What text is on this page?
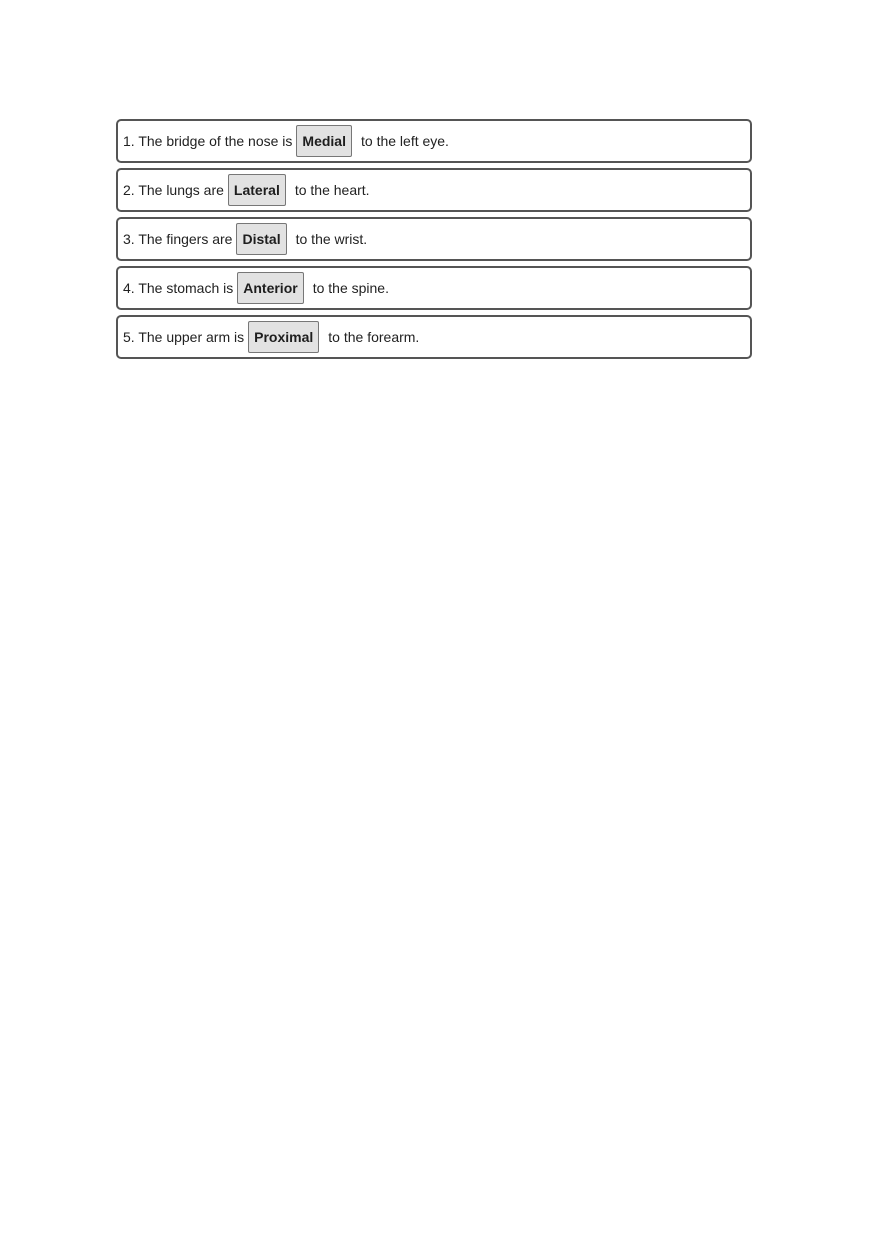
1. The bridge of the nose is Medial	to the left eye.
2. The lungs are Lateral	to the heart.
3. The fingers are Distal	to the wrist.
4. The stomach is Anterior	to the spine.
5. The upper arm is Proximal	to the forearm.
